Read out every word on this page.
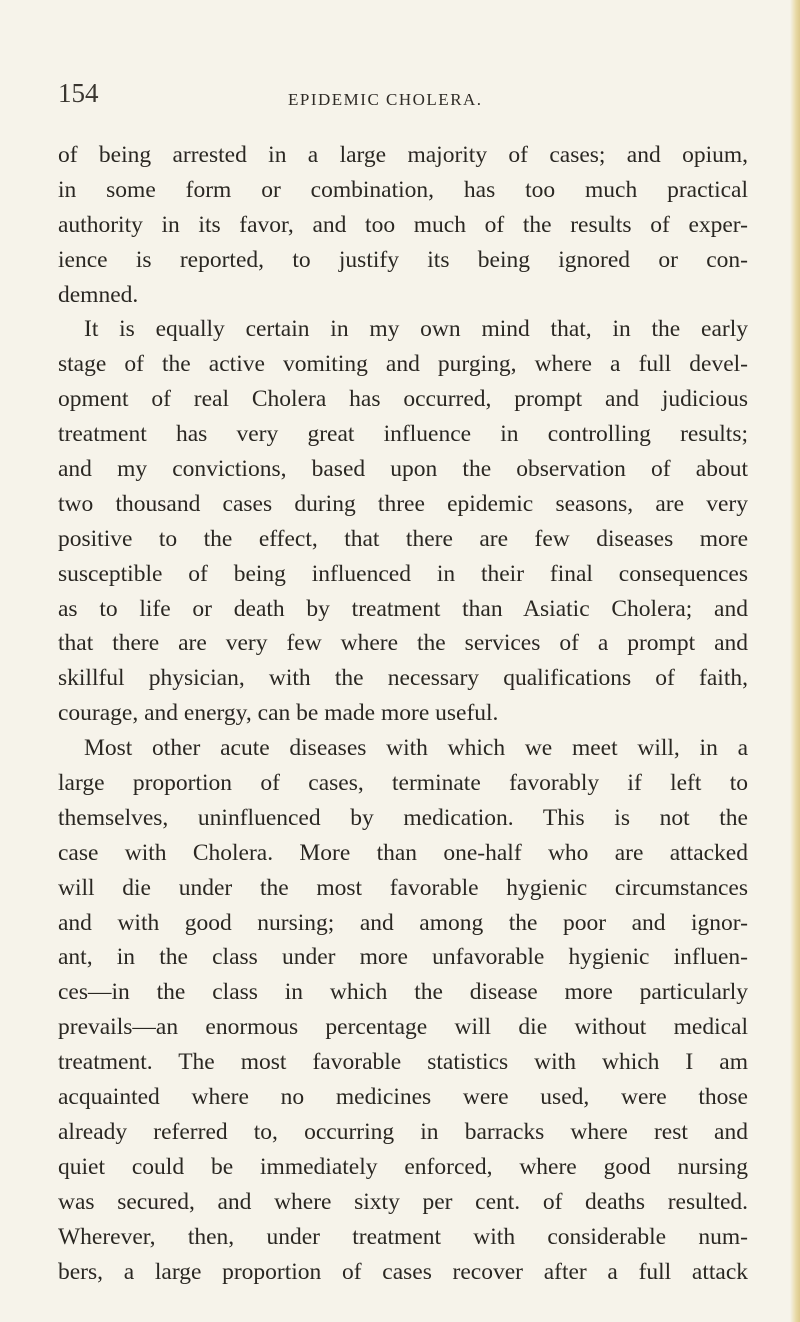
154	EPIDEMIC CHOLERA.
of being arrested in a large majority of cases; and opium,
in some form or combination, has too much practical
authority in its favor, and too much of the results of exper-
ience is reported, to justify its being ignored or con-
demned.
It is equally certain in my own mind that, in the early
stage of the active vomiting and purging, where a full devel-
opment of real Cholera has occurred, prompt and judicious
treatment has very great influence in controlling results;
and my convictions, based upon the observation of about
two thousand cases during three epidemic seasons, are very
positive to the effect, that there are few diseases more
susceptible of being influenced in their final consequences
as to life or death by treatment than Asiatic Cholera; and
that there are very few where the services of a prompt and
skillful physician, with the necessary qualifications of faith,
courage, and energy, can be made more useful.
Most other acute diseases with which we meet will, in a
large proportion of cases, terminate favorably if left to
themselves, uninfluenced by medication. This is not the
case with Cholera. More than one-half who are attacked
will die under the most favorable hygienic circumstances
and with good nursing; and among the poor and ignor-
ant, in the class under more unfavorable hygienic influen-
ces—in the class in which the disease more particularly
prevails—an enormous percentage will die without medical
treatment. The most favorable statistics with which I am
acquainted where no medicines were used, were those
already referred to, occurring in barracks where rest and
quiet could be immediately enforced, where good nursing
was secured, and where sixty per cent. of deaths resulted.
Wherever, then, under treatment with considerable num-
bers, a large proportion of cases recover after a full attack
